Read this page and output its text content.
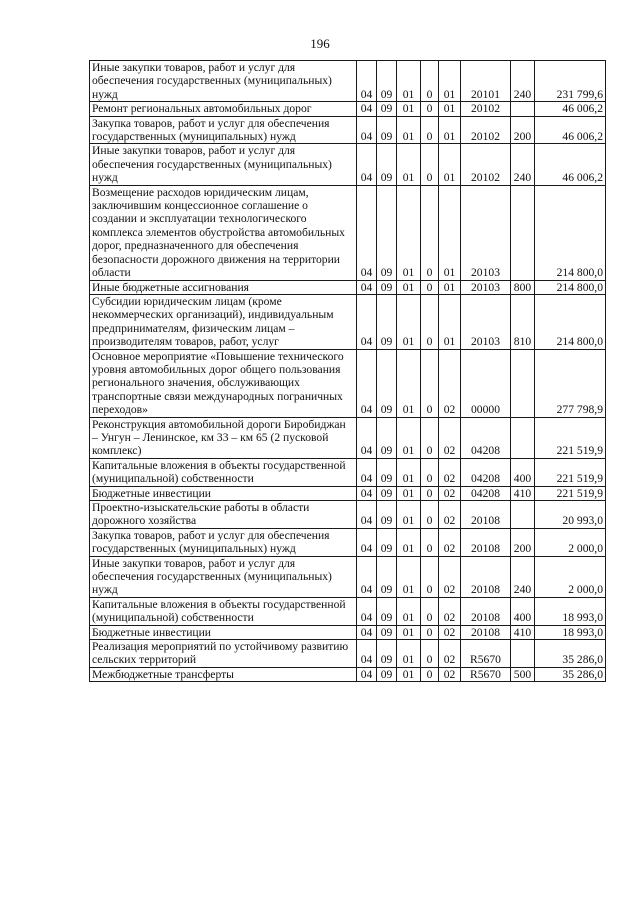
196
Иные закупки товаров, работ и услуг для обеспечения государственных (муниципальных) нужд	04	09	01	0	01	20101	240	231 799,6
Ремонт региональных автомобильных дорог	04	09	01	0	01	20102		46 006,2
Закупка товаров, работ и услуг для обеспечения государственных (муниципальных) нужд	04	09	01	0	01	20102	200	46 006,2
Иные закупки товаров, работ и услуг для обеспечения государственных (муниципальных) нужд	04	09	01	0	01	20102	240	46 006,2
Возмещение расходов юридическим лицам, заключившим концессионное соглашение о создании и эксплуатации технологического комплекса элементов обустройства автомобильных дорог, предназначенного для обеспечения безопасности дорожного движения на территории области	04	09	01	0	01	20103		214 800,0
Иные бюджетные ассигнования	04	09	01	0	01	20103	800	214 800,0
Субсидии юридическим лицам (кроме некоммерческих организаций), индивидуальным предпринимателям, физическим лицам – производителям товаров, работ, услуг	04	09	01	0	01	20103	810	214 800,0
Основное мероприятие «Повышение технического уровня автомобильных дорог общего пользования регионального значения, обслуживающих транспортные связи международных пограничных переходов»	04	09	01	0	02	00000		277 798,9
Реконструкция автомобильной дороги Биробиджан – Унгун – Ленинское, км 33 – км 65 (2 пусковой комплекс)	04	09	01	0	02	04208		221 519,9
Капитальные вложения в объекты государственной (муниципальной) собственности	04	09	01	0	02	04208	400	221 519,9
Бюджетные инвестиции	04	09	01	0	02	04208	410	221 519,9
Проектно-изыскательские работы в области дорожного хозяйства	04	09	01	0	02	20108		20 993,0
Закупка товаров, работ и услуг для обеспечения государственных (муниципальных) нужд	04	09	01	0	02	20108	200	2 000,0
Иные закупки товаров, работ и услуг для обеспечения государственных (муниципальных) нужд	04	09	01	0	02	20108	240	2 000,0
Капитальные вложения в объекты государственной (муниципальной) собственности	04	09	01	0	02	20108	400	18 993,0
Бюджетные инвестиции	04	09	01	0	02	20108	410	18 993,0
Реализация мероприятий по устойчивому развитию сельских территорий	04	09	01	0	02	R5670		35 286,0
Межбюджетные трансферты	04	09	01	0	02	R5670	500	35 286,0
